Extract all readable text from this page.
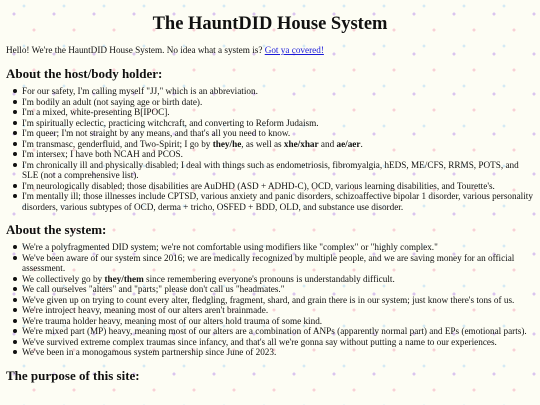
The HauntDID House System

Hello! We're the HauntDID House System. No idea what a system is? Got ya covered!

About the host/body holder:
For our safety, I'm calling myself "JJ," which is an abbreviation.
I'm bodily an adult (not saying age or birth date).
I'm a mixed, white-presenting B[IPOC].
I'm spiritually eclectic, practicing witchcraft, and converting to Reform Judaism.
I'm queer; I'm not straight by any means, and that's all you need to know.
I'm transmasc, genderfluid, and Two-Spirit; I go by they/he, as well as xhe/xhar and ae/aer.
I'm intersex; I have both NCAH and PCOS.
I'm chronically ill and physically disabled; I deal with things such as endometriosis, fibromyalgia, hEDS, ME/CFS, RRMS, POTS, and SLE (not a comprehensive list).
I'm neurologically disabled; those disabilities are AuDHD (ASD + ADHD-C), OCD, various learning disabilities, and Tourette's.
I'm mentally ill; those illnesses include CPTSD, various anxiety and panic disorders, schizoaffective bipolar 1 disorder, various personality disorders, various subtypes of OCD, derma + tricho, OSFED + BDD, OLD, and substance use disorder.
About the system:
We're a polyfragmented DID system; we're not comfortable using modifiers like "complex" or "highly complex."
We've been aware of our system since 2016; we are medically recognized by multiple people, and we are saving money for an official assessment.
We collectively go by they/them since remembering everyone's pronouns is understandably difficult.
We call ourselves "alters" and "parts;" please don't call us "headmates."
We've given up on trying to count every alter, fledgling, fragment, shard, and grain there is in our system; just know there's tons of us.
We're introject heavy, meaning most of our alters aren't brainmade.
We're trauma holder heavy, meaning most of our alters hold trauma of some kind.
We're mixed part (MP) heavy, meaning most of our alters are a combination of ANPs (apparently normal part) and EPs (emotional parts).
We've survived extreme complex traumas since infancy, and that's all we're gonna say without putting a name to our experiences.
We've been in a monogamous system partnership since June of 2023.
The purpose of this site:
